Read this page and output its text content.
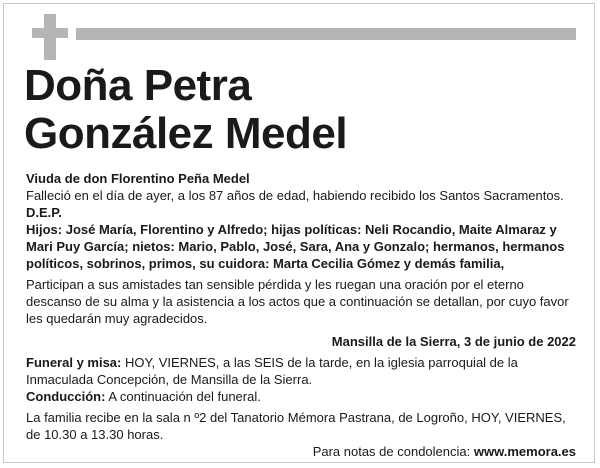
Doña Petra
González Medel

Viuda de don Florentino Peña Medel

Falleció en el día de ayer, a los 87 años de edad, habiendo recibido los Santos Sacramentos.

D.E.P.

Hijos: José María, Florentino y Alfredo; hijas políticas: Neli Rocandio, Maite Almaraz y Mari Puy García; nietos: Mario, Pablo, José, Sara, Ana y Gonzalo; hermanos, hermanos políticos, sobrinos, primos, su cuidora: Marta Cecilia Gómez y demás familia,

Participan a sus amistades tan sensible pérdida y les ruegan una oración por el eterno descanso de su alma y la asistencia a los actos que a continuación se detallan, por cuyo favor les quedarán muy agradecidos.

Mansilla de la Sierra, 3 de junio de 2022

Funeral y misa: HOY, VIERNES, a las SEIS de la tarde, en la iglesia parroquial de la Inmaculada Concepción, de Mansilla de la Sierra.

Conducción: A continuación del funeral.

La familia recibe en la sala n º2 del Tanatorio Mémora Pastrana, de Logroño, HOY, VIERNES, de 10.30 a 13.30 horas.

Para notas de condolencia: www.memora.es
